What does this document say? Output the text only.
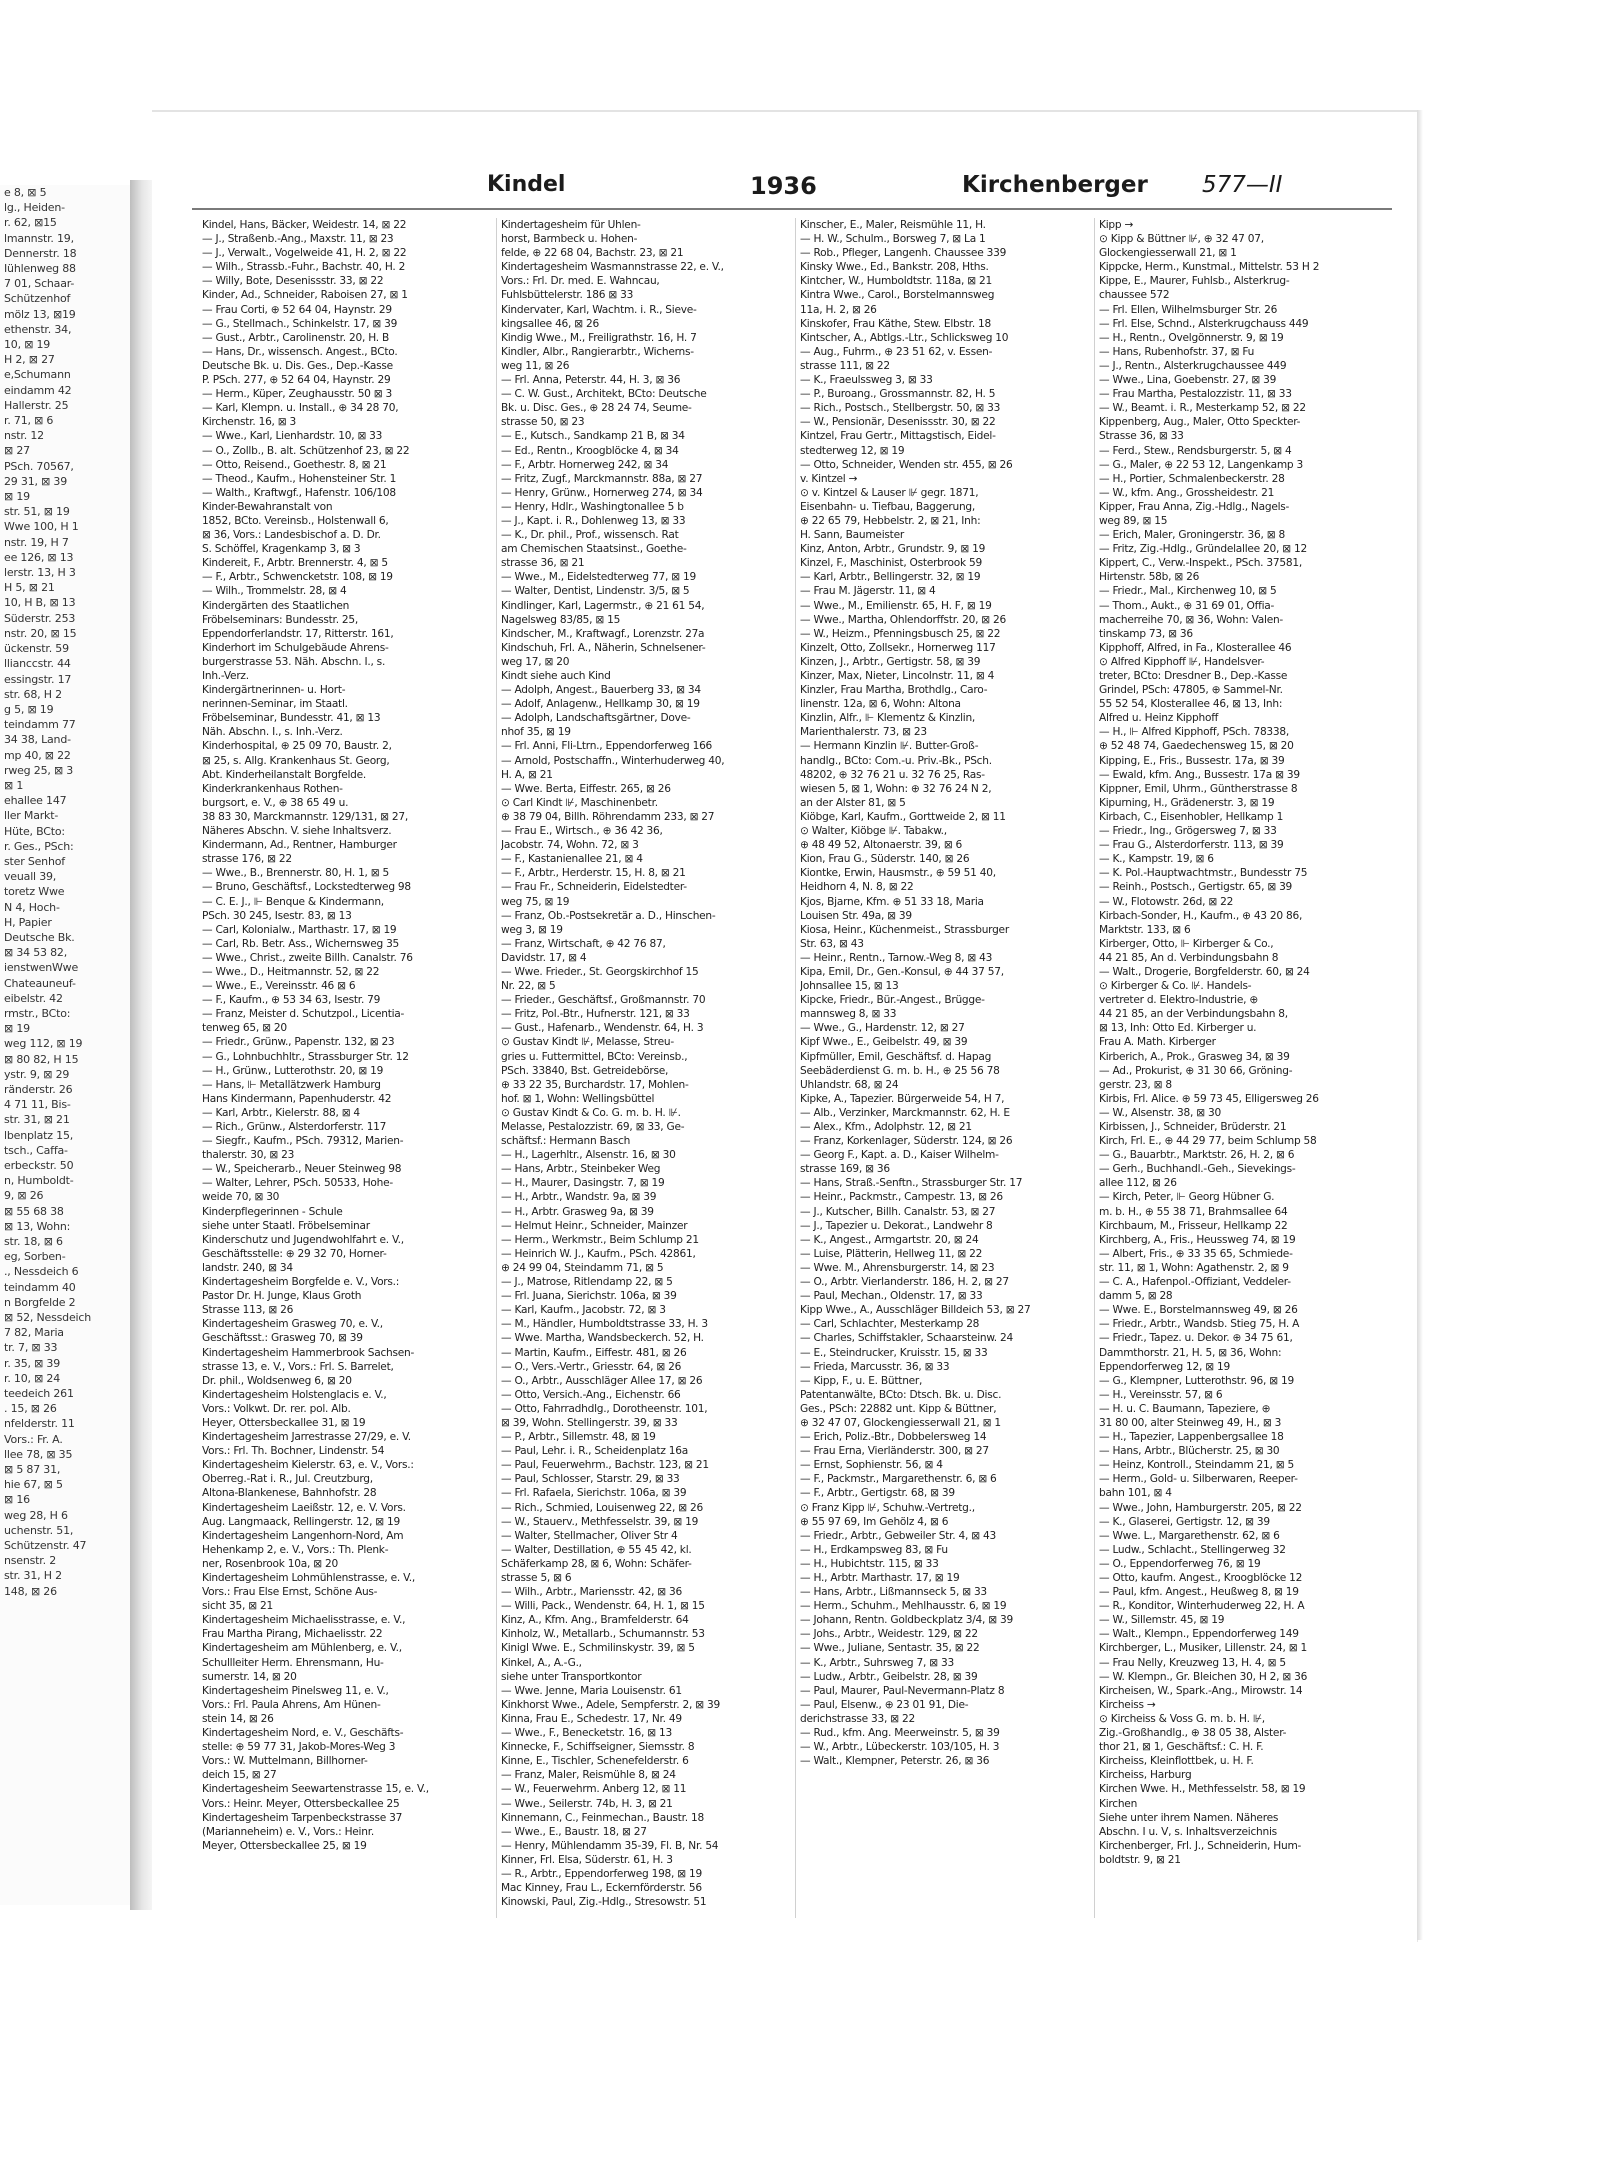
e 8, ⊠ 5
lg., Heiden-
r. 62, ⊠15
lmannstr. 19,
Dennerstr. 18
Iühlenweg 88
7 01, Schaar-
Schützenhof
mölz 13, ⊠19
ethenstr. 34,
10, ⊠ 19
H 2, ⊠ 27
e,Schumann
eindamm 42
Hallerstr. 25
r. 71, ⊠ 6
nstr. 12
⊠ 27
PSch. 70567,
29 31, ⊠ 39
⊠ 19
str. 51, ⊠ 19
Wwe 100, H 1
nstr. 19, H 7
ee 126, ⊠ 13
lerstr. 13, H 3
H 5, ⊠ 21
10, H B, ⊠ 13
Süderstr. 253
nstr. 20, ⊠ 15
ückenstr. 59
llianccstr. 44
essingstr. 17
str. 68, H 2
g 5, ⊠ 19
teindamm 77
34 38, Land-
mp 40, ⊠ 22
rweg 25, ⊠ 3
⊠ 1
ehallee 147
ller Markt-
Hüte, BCto:
r. Ges., PSch:
ster Senhof
veuall 39,
toretz Wwe
N 4, Hoch-
H, Papier
Deutsche Bk.
⊠ 34 53 82,
ienstwenWwe
Chateauneuf-
eibelstr. 42
rmstr., BCto:
⊠ 19
weg 112, ⊠ 19
⊠ 80 82, H 15
ystr. 9, ⊠ 29
ränderstr. 26
4 71 11, Bis-
str. 31, ⊠ 21
lbenplatz 15,
tsch., Caffa-
erbeckstr. 50
n, Humboldt-
9, ⊠ 26
⊠ 55 68 38
⊠ 13, Wohn:
str. 18, ⊠ 6
eg, Sorben-
., Nessdeich 6
teindamm 40
n Borgfelde 2
⊠ 52, Nessdeich
7 82, Maria
tr. 7, ⊠ 33
r. 35, ⊠ 39
r. 10, ⊠ 24
teedeich 261
. 15, ⊠ 26
nfelderstr. 11
Vors.: Fr. A.
llee 78, ⊠ 35
⊠ 5 87 31,
hie 67, ⊠ 5
⊠ 16
weg 28, H 6
uchenstr. 51,
Schützenstr. 47
nsenstr. 2
str. 31, H 2
148, ⊠ 26
Kindel	1936	Kirchenberger 577—II
Kindel, Hans, Bäcker, Weidestr. 14, ⊠ 22
— J., Straßenb.-Ang., Maxstr. 11, ⊠ 23
— J., Verwalt., Vogelweide 41, H. 2, ⊠ 22
— Wilh., Strassb.-Fuhr., Bachstr. 40, H. 2
— Willy, Bote, Desenissstr. 33, ⊠ 22
Kinder, Ad., Schneider, Raboisen 27, ⊠ 1
— Frau Corti, ⊕ 52 64 04, Haynstr. 29
— G., Stellmach., Schinkelstr. 17, ⊠ 39
— Gust., Arbtr., Carolinenstr. 20, H. B
— Hans, Dr., wissensch. Angest., BCto.
Deutsche Bk. u. Dis. Ges., Dep.-Kasse
P. PSch. 277, ⊕ 52 64 04, Haynstr. 29
— Herm., Küper, Zeughausstr. 50 ⊠ 3
— Karl, Klempn. u. Install., ⊕ 34 28 70,
Kirchenstr. 16, ⊠ 3
— Wwe., Karl, Lienhardstr. 10, ⊠ 33
— O., Zollb., B. alt. Schützenhof 23, ⊠ 22
— Otto, Reisend., Goethestr. 8, ⊠ 21
— Theod., Kaufm., Hohensteiner Str. 1
— Walth., Kraftwgf., Hafenstr. 106/108
Kinder-Bewahranstalt von
1852, BCto. Vereinsb., Holstenwall 6,
⊠ 36, Vors.: Landesbischof a. D. Dr.
S. Schöffel, Kragenkamp 3, ⊠ 3
Kindereit, F., Arbtr. Brennerstr. 4, ⊠ 5
— F., Arbtr., Schwencketstr. 108, ⊠ 19
— Wilh., Trommelstr. 28, ⊠ 4
Kindergärten des Staatlichen
Fröbelseminars: Bundesstr. 25,
Eppendorferlandstr. 17, Ritterstr. 161,
Kinderhort im Schulgebäude Ahrens-
burgerstrasse 53. Näh. Abschn. I., s.
Inh.-Verz.
Kindergärtnerinnen- u. Hort-
nerinnen-Seminar, im Staatl.
Fröbelseminar, Bundesstr. 41, ⊠ 13
Näh. Abschn. I., s. Inh.-Verz.
Kinderhospital, ⊕ 25 09 70, Baustr. 2,
⊠ 25, s. Allg. Krankenhaus St. Georg,
Abt. Kinderheilanstalt Borgfelde.
Kinderkrankenhaus Rothen-
burgsort, e. V., ⊕ 38 65 49 u.
38 83 30, Marckmannstr. 129/131, ⊠ 27,
Näheres Abschn. V. siehe Inhaltsverz.
Kindermann, Ad., Rentner, Hamburger
strasse 176, ⊠ 22
— Wwe., B., Brennerstr. 80, H. 1, ⊠ 5
— Bruno, Geschäftsf., Lockstedterweg 98
— C. E. J., ⊩ Benque & Kindermann,
PSch. 30 245, Isestr. 83, ⊠ 13
— Carl, Kolonialw., Marthastr. 17, ⊠ 19
— Carl, Rb. Betr. Ass., Wichernsweg 35
— Wwe., Christ., zweite Billh. Canalstr. 76
— Wwe., D., Heitmannstr. 52, ⊠ 22
— Wwe., E., Vereinsstr. 46 ⊠ 6
— F., Kaufm., ⊕ 53 34 63, Isestr. 79
— Franz, Meister d. Schutzpol., Licentia-
tenweg 65, ⊠ 20
— Friedr., Grünw., Papenstr. 132, ⊠ 23
— G., Lohnbuchhltr., Strassburger Str. 12
— H., Grünw., Lutterothstr. 20, ⊠ 19
— Hans, ⊩ Metallätzwerk Hamburg
Hans Kindermann, Papenhuderstr. 42
— Karl, Arbtr., Kielerstr. 88, ⊠ 4
— Rich., Grünw., Alsterdorferstr. 117
— Siegfr., Kaufm., PSch. 79312, Marien-
thalerstr. 30, ⊠ 23
— W., Speicherarb., Neuer Steinweg 98
— Walter, Lehrer, PSch. 50533, Hohe-
weide 70, ⊠ 30
Kinderpflegerinnen - Schule
siehe unter Staatl. Fröbelseminar
Kinderschutz und Jugendwohlfahrt e. V.,
Geschäftsstelle: ⊕ 29 32 70, Horner-
landstr. 240, ⊠ 34
Kindertagesheim Borgfelde e. V., Vors.:
Pastor Dr. H. Junge, Klaus Groth
Strasse 113, ⊠ 26
Kindertagesheim Grasweg 70, e. V.,
Geschäftsst.: Grasweg 70, ⊠ 39
Kindertagesheim Hammerbrook Sachsen-
strasse 13, e. V., Vors.: Frl. S. Barrelet,
Dr. phil., Woldsenweg 6, ⊠ 20
Kindertagesheim Holstenglacis e. V.,
Vors.: Volkwt. Dr. rer. pol. Alb.
Heyer, Ottersbeckallee 31, ⊠ 19
Kindertagesheim Jarrestrasse 27/29, e. V.
Vors.: Frl. Th. Bochner, Lindenstr. 54
Kindertagesheim Kielerstr. 63, e. V., Vors.:
Oberreg.-Rat i. R., Jul. Creutzburg,
Altona-Blankenese, Bahnhofstr. 28
Kindertagesheim Laeißstr. 12, e. V. Vors.
Aug. Langmaack, Rellingerstr. 12, ⊠ 19
Kindertagesheim Langenhorn-Nord, Am
Hehenkamp 2, e. V., Vors.: Th. Plenk-
ner, Rosenbrook 10a, ⊠ 20
Kindertagesheim Lohmühlenstrasse, e. V.,
Vors.: Frau Else Ernst, Schöne Aus-
sicht 35, ⊠ 21
Kindertagesheim Michaelisstrasse, e. V.,
Frau Martha Pirang, Michaelisstr. 22
Kindertagesheim am Mühlenberg, e. V.,
Schullleiter Herm. Ehrensmann, Hu-
sumerstr. 14, ⊠ 20
Kindertagesheim Pinelsweg 11, e. V.,
Vors.: Frl. Paula Ahrens, Am Hünen-
stein 14, ⊠ 26
Kindertagesheim Nord, e. V., Geschäfts-
stelle: ⊕ 59 77 31, Jakob-Mores-Weg 3
Vors.: W. Muttelmann, Billhorner-
deich 15, ⊠ 27
Kindertagesheim Seewartenstrasse 15, e. V.,
Vors.: Heinr. Meyer, Ottersbeckallee 25
Kindertagesheim Tarpenbeckstrasse 37
(Marianneheim) e. V., Vors.: Heinr.
Meyer, Ottersbeckallee 25, ⊠ 19
Kindertagesheim für Uhlen-
horst, Barmbeck u. Hohen-
felde, ⊕ 22 68 04, Bachstr. 23, ⊠ 21
Kindertagesheim Wasmannstrasse 22, e. V.,
Vors.: Frl. Dr. med. E. Wahncau,
Fuhlsbüttelerstr. 186 ⊠ 33
Kindervater, Karl, Wachtm. i. R., Sieve-
kingsallee 46, ⊠ 26
Kindig Wwe., M., Freiligrathstr. 16, H. 7
Kindler, Albr., Rangierarbtr., Wicherns-
weg 11, ⊠ 26
— Frl. Anna, Peterstr. 44, H. 3, ⊠ 36
— C. W. Gust., Architekt, BCto: Deutsche
Bk. u. Disc. Ges., ⊕ 28 24 74, Seume-
strasse 50, ⊠ 23
— E., Kutsch., Sandkamp 21 B, ⊠ 34
— Ed., Rentn., Kroogblöcke 4, ⊠ 34
— F., Arbtr. Hornerweg 242, ⊠ 34
— Fritz, Zugf., Marckmannstr. 88a, ⊠ 27
— Henry, Grünw., Hornerweg 274, ⊠ 34
— Henry, Hdlr., Washingtonallee 5 b
— J., Kapt. i. R., Dohlenweg 13, ⊠ 33
— K., Dr. phil., Prof., wissensch. Rat
am Chemischen Staatsinst., Goethe-
strasse 36, ⊠ 21
— Wwe., M., Eidelstedterweg 77, ⊠ 19
— Walter, Dentist, Lindenstr. 3/5, ⊠ 5
Kindlinger, Karl, Lagermstr., ⊕ 21 61 54,
Nagelsweg 83/85, ⊠ 15
Kindscher, M., Kraftwagf., Lorenzstr. 27a
Kindschuh, Frl. A., Näherin, Schnelsener-
weg 17, ⊠ 20
Kindt siehe auch Kind
— Adolph, Angest., Bauerberg 33, ⊠ 34
— Adolf, Anlagenw., Hellkamp 30, ⊠ 19
— Adolph, Landschaftsgärtner, Dove-
nhof 35, ⊠ 19
— Frl. Anni, Fli-Ltrn., Eppendorferweg 166
— Arnold, Postschaffn., Winterhuderweg 40,
H. A, ⊠ 21
— Wwe. Berta, Eiffestr. 265, ⊠ 26
⊙ Carl Kindt ⊮, Maschinenbetr.
⊕ 38 79 04, Billh. Röhrendamm 233, ⊠ 27
— Frau E., Wirtsch., ⊕ 36 42 36,
Jacobstr. 74, Wohn. 72, ⊠ 3
— F., Kastanienallee 21, ⊠ 4
— F., Arbtr., Herderstr. 15, H. 8, ⊠ 21
— Frau Fr., Schneiderin, Eidelstedter-
weg 75, ⊠ 19
— Franz, Ob.-Postsekretär a. D., Hinschen-
weg 3, ⊠ 19
— Franz, Wirtschaft, ⊕ 42 76 87,
Davidstr. 17, ⊠ 4
— Wwe. Frieder., St. Georgskirchhof 15
Nr. 22, ⊠ 5
— Frieder., Geschäftsf., Großmannstr. 70
— Fritz, Pol.-Btr., Hufnerstr. 121, ⊠ 33
— Gust., Hafenarb., Wendenstr. 64, H. 3
⊙ Gustav Kindt ⊮, Melasse, Streu-
gries u. Futtermittel, BCto: Vereinsb.,
PSch. 33840, Bst. Getreidebörse,
⊕ 33 22 35, Burchardstr. 17, Mohlen-
hof. ⊠ 1, Wohn: Wellingsbüttel
⊙ Gustav Kindt & Co. G. m. b. H. ⊮.
Melasse, Pestalozzistr. 69, ⊠ 33, Ge-
schäftsf.: Hermann Basch
— H., Lagerhltr., Alsenstr. 16, ⊠ 30
— Hans, Arbtr., Steinbeker Weg
— H., Maurer, Dasingstr. 7, ⊠ 19
— H., Arbtr., Wandstr. 9a, ⊠ 39
— H., Arbtr. Grasweg 9a, ⊠ 39
— Helmut Heinr., Schneider, Mainzer
— Herm., Werkmstr., Beim Schlump 21
— Heinrich W. J., Kaufm., PSch. 42861,
⊕ 24 99 04, Steindamm 71, ⊠ 5
— J., Matrose, Ritlendamp 22, ⊠ 5
— Frl. Juana, Sierichstr. 106a, ⊠ 39
— Karl, Kaufm., Jacobstr. 72, ⊠ 3
— M., Händler, Humboldtstrasse 33, H. 3
— Wwe. Martha, Wandsbeckerch. 52, H.
— Martin, Kaufm., Eiffestr. 481, ⊠ 26
— O., Vers.-Vertr., Griesstr. 64, ⊠ 26
— O., Arbtr., Ausschläger Allee 17, ⊠ 26
— Otto, Versich.-Ang., Eichenstr. 66
— Otto, Fahrradhdlg., Dorotheenstr. 101,
⊠ 39, Wohn. Stellingerstr. 39, ⊠ 33
— P., Arbtr., Sillemstr. 48, ⊠ 19
— Paul, Lehr. i. R., Scheidenplatz 16a
— Paul, Feuerwehrm., Bachstr. 123, ⊠ 21
— Paul, Schlosser, Starstr. 29, ⊠ 33
— Frl. Rafaela, Sierichstr. 106a, ⊠ 39
— Rich., Schmied, Louisenweg 22, ⊠ 26
— W., Stauerv., Methfesselstr. 39, ⊠ 19
— Walter, Stellmacher, Oliver Str 4
— Walter, Destillation, ⊕ 55 45 42, kl.
Schäferkamp 28, ⊠ 6, Wohn: Schäfer-
strasse 5, ⊠ 6
— Wilh., Arbtr., Mariensstr. 42, ⊠ 36
— Willi, Pack., Wendenstr. 64, H. 1, ⊠ 15
Kinz, A., Kfm. Ang., Bramfelderstr. 64
Kinholz, W., Metallarb., Schumannstr. 53
Kinigl Wwe. E., Schmilinskystr. 39, ⊠ 5
Kinkel, A., A.-G.,
siehe unter Transportkontor
— Wwe. Jenne, Maria Louisenstr. 61
Kinkhorst Wwe., Adele, Sempferstr. 2, ⊠ 39
Kinna, Frau E., Schedestr. 17, Nr. 49
— Wwe., F., Benecketstr. 16, ⊠ 13
Kinnecke, F., Schiffseigner, Siemsstr. 8
Kinne, E., Tischler, Schenefelderstr. 6
— Franz, Maler, Reismühle 8, ⊠ 24
— W., Feuerwehrm. Anberg 12, ⊠ 11
— Wwe., Seilerstr. 74b, H. 3, ⊠ 21
Kinnemann, C., Feinmechan., Baustr. 18
— Wwe., E., Baustr. 18, ⊠ 27
— Henry, Mühlendamm 35-39, Fl. B, Nr. 54
Kinner, Frl. Elsa, Süderstr. 61, H. 3
— R., Arbtr., Eppendorferweg 198, ⊠ 19
Mac Kinney, Frau L., Eckernförderstr. 56
Kinowski, Paul, Zig.-Hdlg., Stresowstr. 51
Kinscher, E., Maler, Reismühle 11, H.
— H. W., Schulm., Borsweg 7, ⊠ La 1
— Rob., Pfleger, Langenh. Chaussee 339
Kinsky Wwe., Ed., Bankstr. 208, Hths.
Kintcher, W., Humboldtstr. 118a, ⊠ 21
Kintra Wwe., Carol., Borstelmannsweg
11a, H. 2, ⊠ 26
Kinskofer, Frau Käthe, Stew. Elbstr. 18
Kintscher, A., Abtlgs.-Ltr., Schlicksweg 10
— Aug., Fuhrm., ⊕ 23 51 62, v. Essen-
strasse 111, ⊠ 22
— K., Fraeulssweg 3, ⊠ 33
— P., Buroang., Grossmannstr. 82, H. 5
— Rich., Postsch., Stellbergstr. 50, ⊠ 33
— W., Pensionär, Desenissstr. 30, ⊠ 22
Kintzel, Frau Gertr., Mittagstisch, Eidel-
stedterweg 12, ⊠ 19
— Otto, Schneider, Wenden str. 455, ⊠ 26
v. Kintzel →
⊙ v. Kintzel & Lauser ⊮ gegr. 1871,
Eisenbahn- u. Tiefbau, Baggerung,
⊕ 22 65 79, Hebbelstr. 2, ⊠ 21, Inh:
H. Sann, Baumeister
Kinz, Anton, Arbtr., Grundstr. 9, ⊠ 19
Kinzel, F., Maschinist, Osterbrook 59
— Karl, Arbtr., Bellingerstr. 32, ⊠ 19
— Frau M. Jägerstr. 11, ⊠ 4
— Wwe., M., Emilienstr. 65, H. F, ⊠ 19
— Wwe., Martha, Ohlendorffstr. 20, ⊠ 26
— W., Heizm., Pfenningsbusch 25, ⊠ 22
Kinzelt, Otto, Zollsekr., Hornerweg 117
Kinzen, J., Arbtr., Gertigstr. 58, ⊠ 39
Kinzer, Max, Nieter, Lincolnstr. 11, ⊠ 4
Kinzler, Frau Martha, Brothdlg., Caro-
linenstr. 12a, ⊠ 6, Wohn: Altona
Kinzlin, Alfr., ⊩ Klementz & Kinzlin,
Marienthalerstr. 73, ⊠ 23
— Hermann Kinzlin ⊮. Butter-Groß-
handlg., BCto: Com.-u. Priv.-Bk., PSch.
48202, ⊕ 32 76 21 u. 32 76 25, Ras-
wiesen 5, ⊠ 1, Wohn: ⊕ 32 76 24 N 2,
an der Alster 81, ⊠ 5
Kiöbge, Karl, Kaufm., Gorttweide 2, ⊠ 11
⊙ Walter, Kiöbge ⊮. Tabakw.,
⊕ 48 49 52, Altonaerstr. 39, ⊠ 6
Kion, Frau G., Süderstr. 140, ⊠ 26
Kiontke, Erwin, Hausmstr., ⊕ 59 51 40,
Heidhorn 4, N. 8, ⊠ 22
Kjos, Bjarne, Kfm. ⊕ 51 33 18, Maria
Louisen Str. 49a, ⊠ 39
Kiosa, Heinr., Küchenmeist., Strassburger
Str. 63, ⊠ 43
— Heinr., Rentn., Tarnow.-Weg 8, ⊠ 43
Kipa, Emil, Dr., Gen.-Konsul, ⊕ 44 37 57,
Johnsallee 15, ⊠ 13
Kipcke, Friedr., Bür.-Angest., Brügge-
mannsweg 8, ⊠ 33
— Wwe., G., Hardenstr. 12, ⊠ 27
Kipf Wwe., E., Geibelstr. 49, ⊠ 39
Kipfmüller, Emil, Geschäftsf. d. Hapag
Seebäderdienst G. m. b. H., ⊕ 25 56 78
Uhlandstr. 68, ⊠ 24
Kipke, A., Tapezier. Bürgerweide 54, H 7,
— Alb., Verzinker, Marckmannstr. 62, H. E
— Alex., Kfm., Adolphstr. 12, ⊠ 21
— Franz, Korkenlager, Süderstr. 124, ⊠ 26
— Georg F., Kapt. a. D., Kaiser Wilhelm-
strasse 169, ⊠ 36
— Hans, Straß.-Senftn., Strassburger Str. 17
— Heinr., Packmstr., Campestr. 13, ⊠ 26
— J., Kutscher, Billh. Canalstr. 53, ⊠ 27
— J., Tapezier u. Dekorat., Landwehr 8
— K., Angest., Armgartstr. 20, ⊠ 24
— Luise, Plätterin, Hellweg 11, ⊠ 22
— Wwe. M., Ahrensburgerstr. 14, ⊠ 23
— O., Arbtr. Vierlanderstr. 186, H. 2, ⊠ 27
— Paul, Mechan., Oldenstr. 17, ⊠ 33
Kipp Wwe., A., Ausschläger Billdeich 53, ⊠ 27
— Carl, Schlachter, Mesterkamp 28
— Charles, Schiffstakler, Schaarsteinw. 24
— E., Steindrucker, Kruisstr. 15, ⊠ 33
— Frieda, Marcusstr. 36, ⊠ 33
— Kipp, F., u. E. Büttner,
Patentanwälte, BCto: Dtsch. Bk. u. Disc.
Ges., PSch: 22882 unt. Kipp & Büttner,
⊕ 32 47 07, Glockengiesserwall 21, ⊠ 1
— Erich, Poliz.-Btr., Dobbelersweg 14
— Frau Erna, Vierländerstr. 300, ⊠ 27
— Ernst, Sophienstr. 56, ⊠ 4
— F., Packmstr., Margarethenstr. 6, ⊠ 6
— F., Arbtr., Gertigstr. 68, ⊠ 39
⊙ Franz Kipp ⊮, Schuhw.-Vertretg.,
⊕ 55 97 69, Im Gehölz 4, ⊠ 6
— Friedr., Arbtr., Gebweiler Str. 4, ⊠ 43
— H., Erdkampsweg 83, ⊠ Fu
— H., Hubichtstr. 115, ⊠ 33
— H., Arbtr. Marthastr. 17, ⊠ 19
— Hans, Arbtr., Lißmannseck 5, ⊠ 33
— Herm., Schuhm., Mehlhausstr. 6, ⊠ 19
— Johann, Rentn. Goldbeckplatz 3/4, ⊠ 39
— Johs., Arbtr., Weidestr. 129, ⊠ 22
— Wwe., Juliane, Sentastr. 35, ⊠ 22
— K., Arbtr., Suhrsweg 7, ⊠ 33
— Ludw., Arbtr., Geibelstr. 28, ⊠ 39
— Paul, Maurer, Paul-Nevermann-Platz 8
— Paul, Elsenw., ⊕ 23 01 91, Die-
derichstrasse 33, ⊠ 22
— Rud., kfm. Ang. Meerweinstr. 5, ⊠ 39
— W., Arbtr., Lübeckerstr. 103/105, H. 3
— Walt., Klempner, Peterstr. 26, ⊠ 36
Kipp →
⊙ Kipp & Büttner ⊮, ⊕ 32 47 07,
Glockengiesserwall 21, ⊠ 1
Kippcke, Herm., Kunstmal., Mittelstr. 53 H 2
Kippe, E., Maurer, Fuhlsb., Alsterkrug-
chaussee 572
— Frl. Ellen, Wilhelmsburger Str. 26
— Frl. Else, Schnd., Alsterkrugchauss 449
— H., Rentn., Ovelgönnerstr. 9, ⊠ 19
— Hans, Rubenhofstr. 37, ⊠ Fu
— J., Rentn., Alsterkrugchaussee 449
— Wwe., Lina, Goebenstr. 27, ⊠ 39
— Frau Martha, Pestalozzistr. 11, ⊠ 33
— W., Beamt. i. R., Mesterkamp 52, ⊠ 22
Kippenberg, Aug., Maler, Otto Speckter-
Strasse 36, ⊠ 33
— Ferd., Stew., Rendsburgerstr. 5, ⊠ 4
— G., Maler, ⊕ 22 53 12, Langenkamp 3
— H., Portier, Schmalenbeckerstr. 28
— W., kfm. Ang., Grossheidestr. 21
Kipper, Frau Anna, Zig.-Hdlg., Nagels-
weg 89, ⊠ 15
— Erich, Maler, Groningerstr. 36, ⊠ 8
— Fritz, Zig.-Hdlg., Gründelallee 20, ⊠ 12
Kippert, C., Verw.-Inspekt., PSch. 37581,
Hirtenstr. 58b, ⊠ 26
— Friedr., Mal., Kirchenweg 10, ⊠ 5
— Thom., Aukt., ⊕ 31 69 01, Offia-
macherreihe 70, ⊠ 36, Wohn: Valen-
tinskamp 73, ⊠ 36
Kipphoff, Alfred, in Fa., Klosterallee 46
⊙ Alfred Kipphoff ⊮, Handelsver-
treter, BCto: Dresdner B., Dep.-Kasse
Grindel, PSch: 47805, ⊕ Sammel-Nr.
55 52 54, Klosterallee 46, ⊠ 13, Inh:
Alfred u. Heinz Kipphoff
— H., ⊩ Alfred Kipphoff, PSch. 78338,
⊕ 52 48 74, Gaedechensweg 15, ⊠ 20
Kipping, E., Fris., Bussestr. 17a, ⊠ 39
— Ewald, kfm. Ang., Bussestr. 17a ⊠ 39
Kippner, Emil, Uhrm., Güntherstrasse 8
Kipurning, H., Grädenerstr. 3, ⊠ 19
Kirbach, C., Eisenhobler, Hellkamp 1
— Friedr., Ing., Grögersweg 7, ⊠ 33
— Frau G., Alsterdorferstr. 113, ⊠ 39
— K., Kampstr. 19, ⊠ 6
— K. Pol.-Hauptwachtmstr., Bundesstr 75
— Reinh., Postsch., Gertigstr. 65, ⊠ 39
— W., Flotowstr. 26d, ⊠ 22
Kirbach-Sonder, H., Kaufm., ⊕ 43 20 86,
Marktstr. 133, ⊠ 6
Kirberger, Otto, ⊩ Kirberger & Co.,
44 21 85, An d. Verbindungsbahn 8
— Walt., Drogerie, Borgfelderstr. 60, ⊠ 24
⊙ Kirberger & Co. ⊮. Handels-
vertreter d. Elektro-Industrie, ⊕
44 21 85, an der Verbindungsbahn 8,
⊠ 13, Inh: Otto Ed. Kirberger u.
Frau A. Math. Kirberger
Kirberich, A., Prok., Grasweg 34, ⊠ 39
— Ad., Prokurist, ⊕ 31 30 66, Gröning-
gerstr. 23, ⊠ 8
Kirbis, Frl. Alice. ⊕ 59 73 45, Elligersweg 26
— W., Alsenstr. 38, ⊠ 30
Kirbissen, J., Schneider, Brüderstr. 21
Kirch, Frl. E., ⊕ 44 29 77, beim Schlump 58
— G., Bauarbtr., Marktstr. 26, H. 2, ⊠ 6
— Gerh., Buchhandl.-Geh., Sievekings-
allee 112, ⊠ 26
— Kirch, Peter, ⊩ Georg Hübner G.
m. b. H., ⊕ 55 38 71, Brahmsallee 64
Kirchbaum, M., Frisseur, Hellkamp 22
Kirchberg, A., Fris., Heussweg 74, ⊠ 19
— Albert, Fris., ⊕ 33 35 65, Schmiede-
str. 11, ⊠ 1, Wohn: Agathenstr. 2, ⊠ 9
— C. A., Hafenpol.-Offiziant, Veddeler-
damm 5, ⊠ 28
— Wwe. E., Borstelmannsweg 49, ⊠ 26
— Friedr., Arbtr., Wandsb. Stieg 75, H. A
— Friedr., Tapez. u. Dekor. ⊕ 34 75 61,
Dammthorstr. 21, H. 5, ⊠ 36, Wohn:
Eppendorferweg 12, ⊠ 19
— G., Klempner, Lutterothstr. 96, ⊠ 19
— H., Vereinsstr. 57, ⊠ 6
— H. u. C. Baumann, Tapeziere, ⊕
31 80 00, alter Steinweg 49, H., ⊠ 3
— H., Tapezier, Lappenbergsallee 18
— Hans, Arbtr., Blücherstr. 25, ⊠ 30
— Heinz, Kontroll., Steindamm 21, ⊠ 5
— Herm., Gold- u. Silberwaren, Reeper-
bahn 101, ⊠ 4
— Wwe., John, Hamburgerstr. 205, ⊠ 22
— K., Glaserei, Gertigstr. 12, ⊠ 39
— Wwe. L., Margarethenstr. 62, ⊠ 6
— Ludw., Schlacht., Stellingerweg 32
— O., Eppendorferweg 76, ⊠ 19
— Otto, kaufm. Angest., Kroogblöcke 12
— Paul, kfm. Angest., Heußweg 8, ⊠ 19
— R., Konditor, Winterhuderweg 22, H. A
— W., Sillemstr. 45, ⊠ 19
— Walt., Klempn., Eppendorferweg 149
Kirchberger, L., Musiker, Lillenstr. 24, ⊠ 1
— Frau Nelly, Kreuzweg 13, H. 4, ⊠ 5
— W. Klempn., Gr. Bleichen 30, H 2, ⊠ 36
Kircheisen, W., Spark.-Ang., Mirowstr. 14
Kircheiss →
⊙ Kircheiss & Voss G. m. b. H. ⊮,
Zig.-Großhandlg., ⊕ 38 05 38, Alster-
thor 21, ⊠ 1, Geschäftsf.: C. H. F.
Kircheiss, Kleinflottbek, u. H. F.
Kircheiss, Harburg
Kirchen Wwe. H., Methfesselstr. 58, ⊠ 19
Kirchen
Siehe unter ihrem Namen. Näheres
Abschn. I u. V, s. Inhaltsverzeichnis
Kirchenberger, Frl. J., Schneiderin, Hum-
boldtstr. 9, ⊠ 21
